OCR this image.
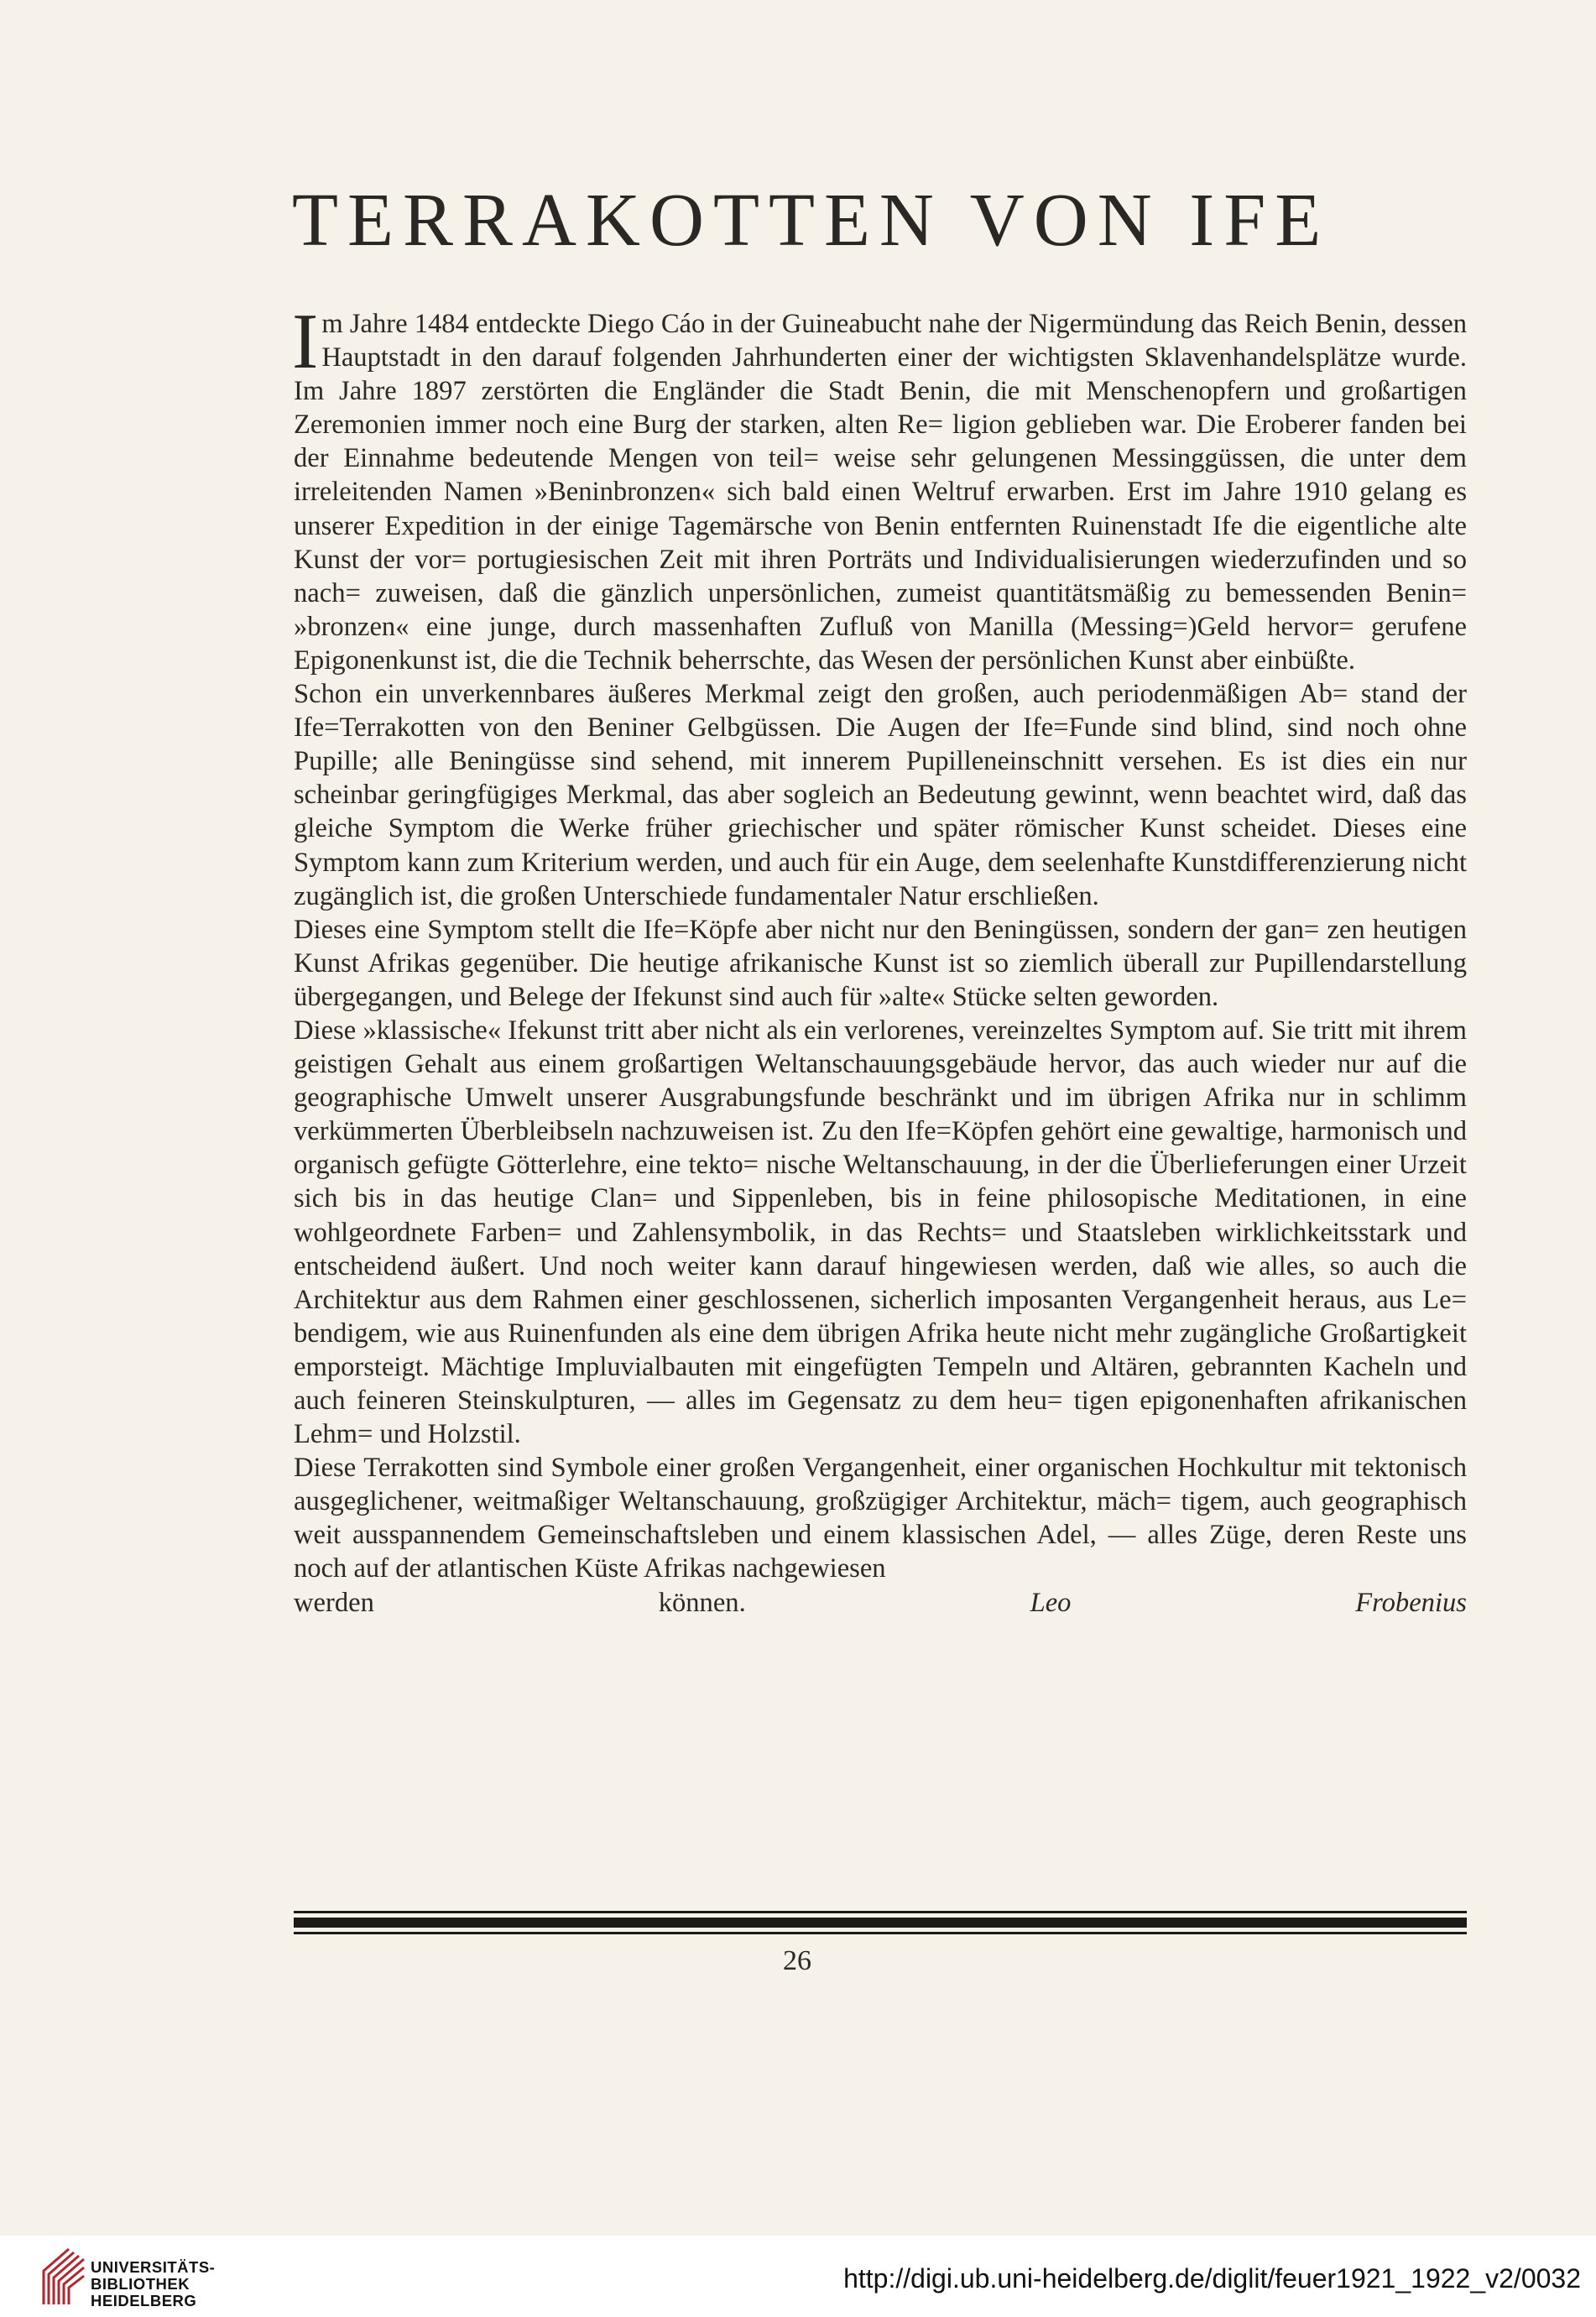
TERRAKOTTEN VON IFE
I m Jahre 1484 entdeckte Diego Cáo in der Guineabucht nahe der Nigermündung das Reich Benin, dessen Hauptstadt in den darauf folgenden Jahrhunderten einer der wichtigsten Sklavenhandelsplätze wurde. Im Jahre 1897 zerstörten die Engländer die Stadt Benin, die mit Menschenopfern und großartigen Zeremonien immer noch eine Burg der starken, alten Re= ligion geblieben war. Die Eroberer fanden bei der Einnahme bedeutende Mengen von teil= weise sehr gelungenen Messinggüssen, die unter dem irreleitenden Namen »Beninbronzen« sich bald einen Weltruf erwarben. Erst im Jahre 1910 gelang es unserer Expedition in der einige Tagemärsche von Benin entfernten Ruinenstadt Ife die eigentliche alte Kunst der vor= portugiesischen Zeit mit ihren Porträts und Individualisierungen wiederzufinden und so nach= zuweisen, daß die gänzlich unpersönlichen, zumeist quantitätsmäßig zu bemessenden Benin= »bronzen« eine junge, durch massenhaften Zufluß von Manilla (Messing=)Geld hervor= gerufene Epigonenkunst ist, die die Technik beherrschte, das Wesen der persönlichen Kunst aber einbüßte.
Schon ein unverkennbares äußeres Merkmal zeigt den großen, auch periodenmäßigen Ab= stand der Ife=Terrakotten von den Beniner Gelbgüssen. Die Augen der Ife=Funde sind blind, sind noch ohne Pupille; alle Beningüsse sind sehend, mit innerem Pupilleneinschnitt versehen. Es ist dies ein nur scheinbar geringfügiges Merkmal, das aber sogleich an Bedeutung gewinnt, wenn beachtet wird, daß das gleiche Symptom die Werke früher griechischer und später römischer Kunst scheidet. Dieses eine Symptom kann zum Kriterium werden, und auch für ein Auge, dem seelenhafte Kunstdifferenzierung nicht zugänglich ist, die großen Unterschiede fundamentaler Natur erschließen.
Dieses eine Symptom stellt die Ife=Köpfe aber nicht nur den Beningüssen, sondern der gan= zen heutigen Kunst Afrikas gegenüber. Die heutige afrikanische Kunst ist so ziemlich überall zur Pupillendarstellung übergegangen, und Belege der Ifekunst sind auch für »alte« Stücke selten geworden.
Diese »klassische« Ifekunst tritt aber nicht als ein verlorenes, vereinzeltes Symptom auf. Sie tritt mit ihrem geistigen Gehalt aus einem großartigen Weltanschauungsgebäude hervor, das auch wieder nur auf die geographische Umwelt unserer Ausgrabungsfunde beschränkt und im übrigen Afrika nur in schlimm verkümmerten Überbleibseln nachzuweisen ist. Zu den Ife=Köpfen gehört eine gewaltige, harmonisch und organisch gefügte Götterlehre, eine tekto= nische Weltanschauung, in der die Überlieferungen einer Urzeit sich bis in das heutige Clan= und Sippenleben, bis in feine philosopische Meditationen, in eine wohlgeordnete Farben= und Zahlensymbolik, in das Rechts= und Staatsleben wirklichkeitsstark und entscheidend äußert. Und noch weiter kann darauf hingewiesen werden, daß wie alles, so auch die Architektur aus dem Rahmen einer geschlossenen, sicherlich imposanten Vergangenheit heraus, aus Le= bendigem, wie aus Ruinenfunden als eine dem übrigen Afrika heute nicht mehr zugängliche Großartigkeit emporsteigt. Mächtige Impluvialbauten mit eingefügten Tempeln und Altären, gebrannten Kacheln und auch feineren Steinskulpturen, — alles im Gegensatz zu dem heu= tigen epigonenhaften afrikanischen Lehm= und Holzstil.
Diese Terrakotten sind Symbole einer großen Vergangenheit, einer organischen Hochkultur mit tektonisch ausgeglichener, weitmaßiger Weltanschauung, großzügiger Architektur, mäch= tigem, auch geographisch weit ausspannendem Gemeinschaftsleben und einem klassischen Adel, — alles Züge, deren Reste uns noch auf der atlantischen Küste Afrikas nachgewiesen
werden können.	Leo Frobenius
26
UNIVERSITÄTS-
BIBLIOTHEK
HEIDELBERG
http://digi.ub.uni-heidelberg.de/diglit/feuer1921_1922_v2/0032
